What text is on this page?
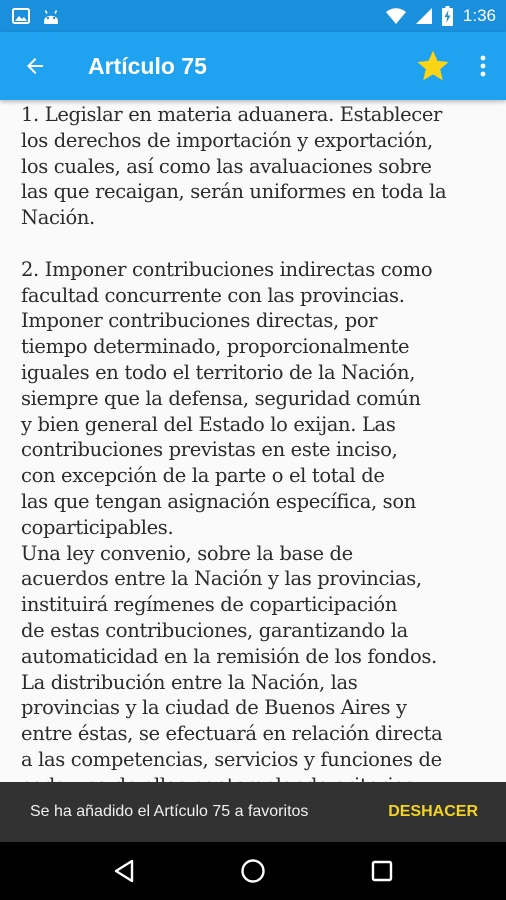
1:36
Artículo 75

1. Legislar en materia aduanera. Establecer
los derechos de importación y exportación,
los cuales, así como las avaluaciones sobre
las que recaigan, serán uniformes en toda la
Nación.

2. Imponer contribuciones indirectas como
facultad concurrente con las provincias.
Imponer contribuciones directas, por
tiempo determinado, proporcionalmente
iguales en todo el territorio de la Nación,
siempre que la defensa, seguridad común
y bien general del Estado lo exijan. Las
contribuciones previstas en este inciso,
con excepción de la parte o el total de
las que tengan asignación específica, son
coparticipables.

Una ley convenio, sobre la base de
acuerdos entre la Nación y las provincias,
instituirá regímenes de coparticipación
de estas contribuciones, garantizando la
automaticidad en la remisión de los fondos.
La distribución entre la Nación, las
provincias y la ciudad de Buenos Aires y
entre éstas, se efectuará en relación directa
a las competencias, servicios y funciones de

Se ha añadido el Artículo 75 a favoritos	DESHACER
